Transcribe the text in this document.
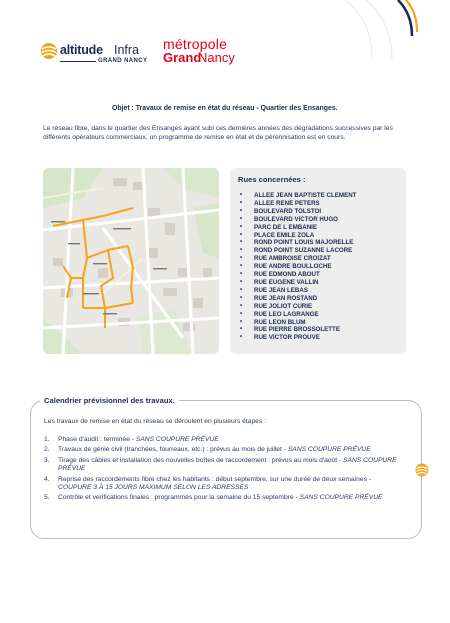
altitude Infra
GRAND NANCY
métropole
Grand
Nancy
Objet : Travaux de remise en état du réseau - Quartier des Ensanges.

Le réseau fibre, dans le quartier des Ensanges ayant subi ces dernières années des dégradations successives par les différents opérateurs commerciaux, un programme de remise en état et de pérennisation est en cours.

Rues concernées :
• ALLEE JEAN BAPTISTE CLEMENT
• ALLEE RENE PETERS
• BOULEVARD TOLSTOI
• BOULEVARD VICTOR HUGO
• PARC DE L EMBANIE
• PLACE EMILE ZOLA
• ROND POINT LOUIS MAJORELLE
• ROND POINT SUZANNE LACORE
• RUE AMBROISE CROIZAT
• RUE ANDRE BOULLOCHE
• RUE EDMOND ABOUT
• RUE EUGENE VALLIN
• RUE JEAN LEBAS
• RUE JEAN ROSTAND
• RUE JOLIOT CURIE
• RUE LEO LAGRANGE
• RUE LEON BLUM
• RUE PIERRE BROSSOLETTE
• RUE VICTOR PROUVE
Calendrier prévisionnel des travaux.

Les travaux de remise en état du réseau se déroulent en plusieurs étapes :

1. Phase d'audit : terminée - SANS COUPURE PRÉVUE
2. Travaux de génie civil (tranchées, fourreaux, etc.) : prévus au mois de juillet - SANS COUPURE PRÉVUE
3. Tirage des câbles et installation des nouvelles boîtes de raccordement : prévus au mois d'août - SANS COUPURE PRÉVUE
4. Reprise des raccordements fibre chez les habitants : début septembre, sur une durée de deux semaines - COUPURE 3 À 15 JOURS MAXIMUM SELON LES ADRESSES
5. Contrôle et vérifications finales : programmés pour la semaine du 15 septembre - SANS COUPURE PRÉVUE
